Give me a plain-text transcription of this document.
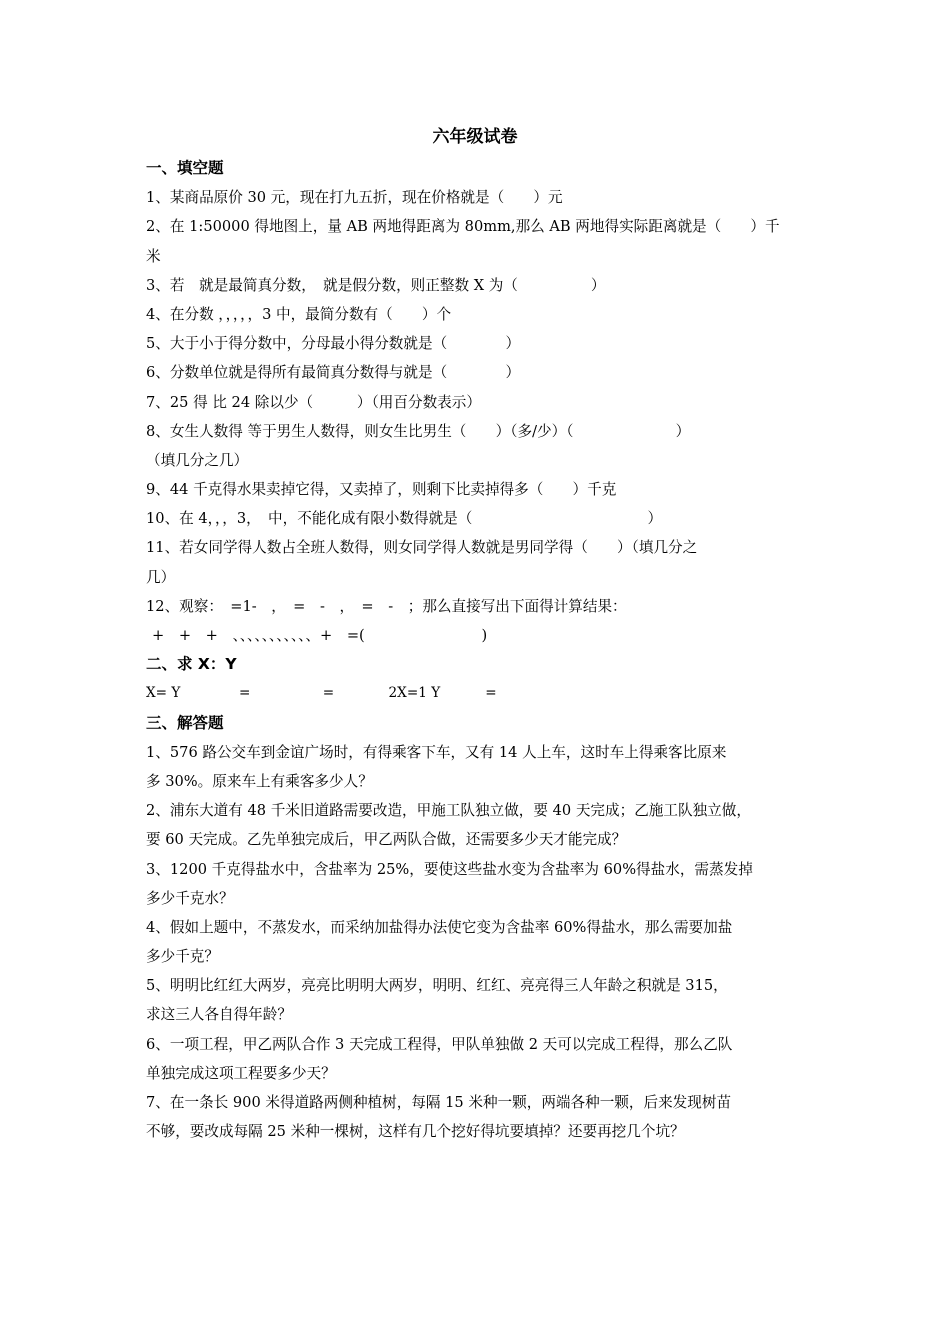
六年级试卷
一、填空题
1、某商品原价 30 元，现在打九五折，现在价格就是（　　）元
2、在 1:50000 得地图上，量 AB 两地得距离为 80mm,那么 AB 两地得实际距离就是（　　）千
米
3、若　就是最简真分数，　就是假分数，则正整数 X 为（　　　　　）
4、在分数 ，，，，，3 中，最简分数有（　　）个
5、大于小于得分数中，分母最小得分数就是（　　　　）
6、分数单位就是得所有最简真分数得与就是（　　　　）
7、25 得 比 24 除以少（　　　）（用百分数表示）
8、女生人数得 等于男生人数得，则女生比男生（　　）（多/少）（　　　　　　　）
（填几分之几）
9、44 千克得水果卖掉它得，又卖掉了，则剩下比卖掉得多（　　）千克
10、在 4，，，3，　中，不能化成有限小数得就是（　　　　　　　　　　　　）
11、若女同学得人数占全班人数得，则女同学得人数就是男同学得（　　）（填几分之
几）
12、观察：　=1-　，　=　-　，　=　-　；那么直接写出下面得计算结果：
+　+　+　、、、、、、、、、、、+　=(　　　　　　　　)
二、求 X：Y
X= Y　　　　 =　　　　　 =　　　　2X=1 Y　　　 =
三、解答题
1、576 路公交车到金谊广场时，有得乘客下车，又有 14 人上车，这时车上得乘客比原来
多 30%。原来车上有乘客多少人？
2、浦东大道有 48 千米旧道路需要改造，甲施工队独立做，要 40 天完成；乙施工队独立做，
要 60 天完成。乙先单独完成后，甲乙两队合做，还需要多少天才能完成？
3、1200 千克得盐水中，含盐率为 25%，要使这些盐水变为含盐率为 60%得盐水，需蒸发掉
多少千克水？
4、假如上题中，不蒸发水，而采纳加盐得办法使它变为含盐率 60%得盐水，那么需要加盐
多少千克？
5、明明比红红大两岁，亮亮比明明大两岁，明明、红红、亮亮得三人年龄之积就是 315，
求这三人各自得年龄？
6、一项工程，甲乙两队合作 3 天完成工程得，甲队单独做 2 天可以完成工程得，那么乙队
单独完成这项工程要多少天？
7、在一条长 900 米得道路两侧种植树，每隔 15 米种一颗，两端各种一颗，后来发现树苗
不够，要改成每隔 25 米种一棵树，这样有几个挖好得坑要填掉？还要再挖几个坑？
